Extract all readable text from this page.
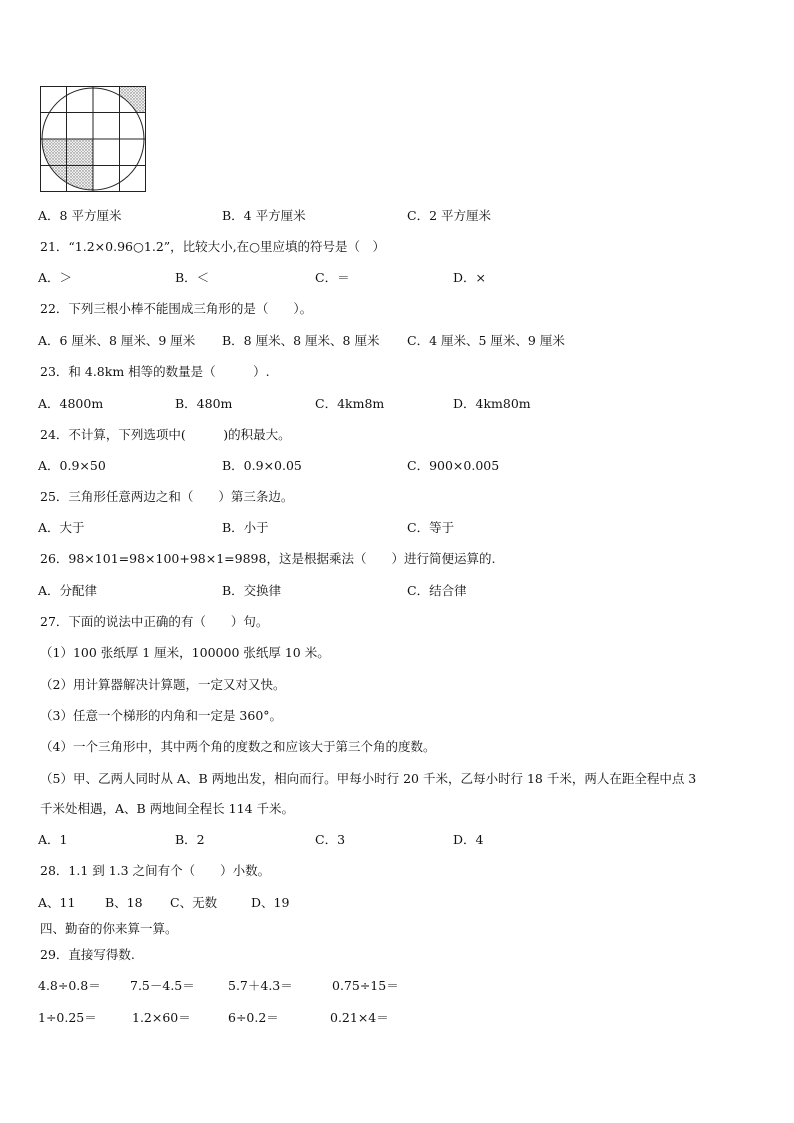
A．8 平方厘米	B．4 平方厘米	C．2 平方厘米
21．“1.2×0.96○1.2”，比较大小,在○里应填的符号是（　）
A．＞	B．＜	C．＝	D．×
22．下列三根小棒不能围成三角形的是（　　）。
A．6 厘米、8 厘米、9 厘米 B．8 厘米、8 厘米、8 厘米 C．4 厘米、5 厘米、9 厘米
23．和 4.8km 相等的数量是（　　　）.
A．4800m	B．480m	C．4km8m	D．4km80m
24．不计算，下列选项中(　　　)的积最大。
A．0.9×50	B．0.9×0.05	C．900×0.005
25．三角形任意两边之和（　　）第三条边。
A．大于	B．小于	C．等于
26．98×101=98×100+98×1=9898，这是根据乘法（　　）进行简便运算的.
A．分配律	B．交换律	C．结合律
27．下面的说法中正确的有（　　）句。
（1）100 张纸厚 1 厘米，100000 张纸厚 10 米。
（2）用计算器解决计算题，一定又对又快。
（3）任意一个梯形的内角和一定是 360°。
（4）一个三角形中，其中两个角的度数之和应该大于第三个角的度数。
（5）甲、乙两人同时从 A、B 两地出发，相向而行。甲每小时行 20 千米，乙每小时行 18 千米，两人在距全程中点 3
千米处相遇，A、B 两地间全程长 114 千米。
A．1	B．2	C．3	D．4
28．1.1 到 1.3 之间有个（　　）小数。
A、11 B、18 C、无数	D、19
四、勤奋的你来算一算。
29．直接写得数.
4.8÷0.8＝ 7.5－4.5＝	5.7＋4.3＝	0.75÷15＝
1÷0.25＝	1.2×60＝	6÷0.2＝	0.21×4＝
